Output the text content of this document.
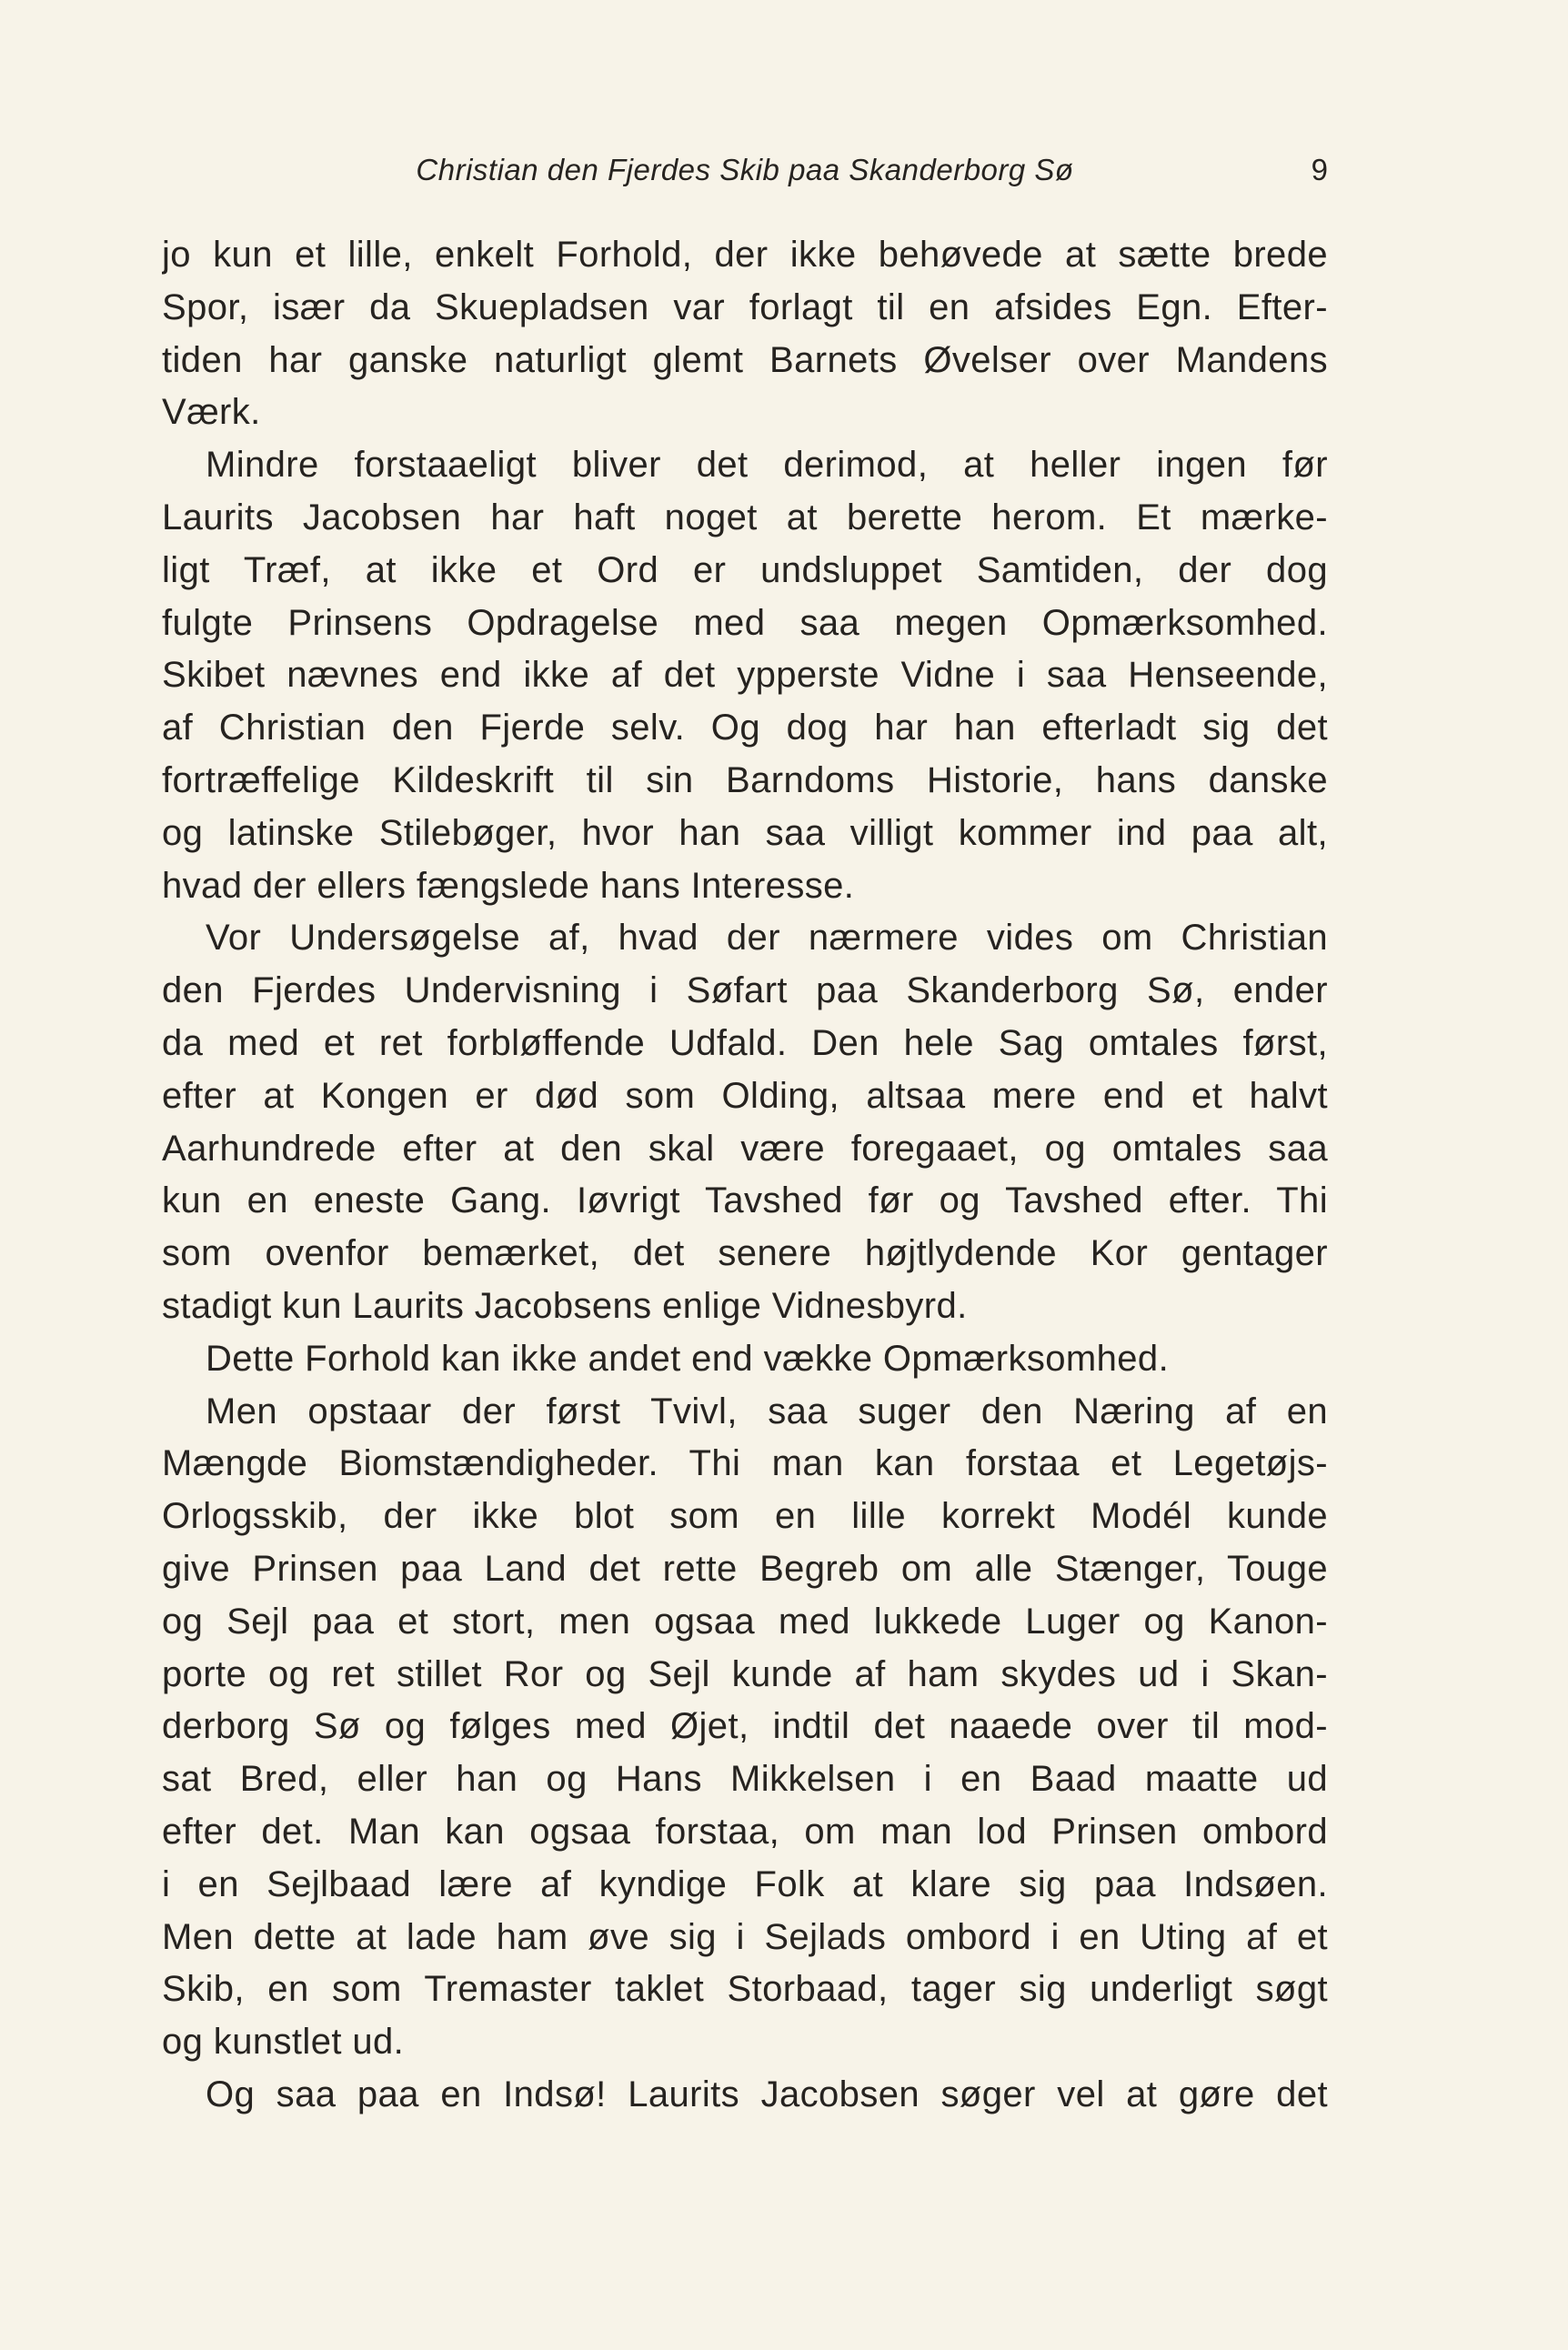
Christian den Fjerdes Skib paa Skanderborg Sø	9
jo kun et lille, enkelt Forhold, der ikke behøvede at sætte brede
Spor, især da Skuepladsen var forlagt til en afsides Egn. Efter-
tiden har ganske naturligt glemt Barnets Øvelser over Mandens
Værk.
Mindre forstaaeligt bliver det derimod, at heller ingen før
Laurits Jacobsen har haft noget at berette herom. Et mærke-
ligt Træf, at ikke et Ord er undsluppet Samtiden, der dog
fulgte Prinsens Opdragelse med saa megen Opmærksomhed.
Skibet nævnes end ikke af det ypperste Vidne i saa Henseende,
af Christian den Fjerde selv. Og dog har han efterladt sig det
fortræffelige Kildeskrift til sin Barndoms Historie, hans danske
og latinske Stilebøger, hvor han saa villigt kommer ind paa alt,
hvad der ellers fængslede hans Interesse.
Vor Undersøgelse af, hvad der nærmere vides om Christian
den Fjerdes Undervisning i Søfart paa Skanderborg Sø, ender
da med et ret forbløffende Udfald. Den hele Sag omtales først,
efter at Kongen er død som Olding, altsaa mere end et halvt
Aarhundrede efter at den skal være foregaaet, og omtales saa
kun en eneste Gang. Iøvrigt Tavshed før og Tavshed efter. Thi
som ovenfor bemærket, det senere højtlydende Kor gentager
stadigt kun Laurits Jacobsens enlige Vidnesbyrd.
Dette Forhold kan ikke andet end vække Opmærksomhed.
Men opstaar der først Tvivl, saa suger den Næring af en
Mængde Biomstændigheder. Thi man kan forstaa et Legetøjs-
Orlogsskib, der ikke blot som en lille korrekt Modél kunde
give Prinsen paa Land det rette Begreb om alle Stænger, Touge
og Sejl paa et stort, men ogsaa med lukkede Luger og Kanon-
porte og ret stillet Ror og Sejl kunde af ham skydes ud i Skan-
derborg Sø og følges med Øjet, indtil det naaede over til mod-
sat Bred, eller han og Hans Mikkelsen i en Baad maatte ud
efter det. Man kan ogsaa forstaa, om man lod Prinsen ombord
i en Sejlbaad lære af kyndige Folk at klare sig paa Indsøen.
Men dette at lade ham øve sig i Sejlads ombord i en Uting af et
Skib, en som Tremaster taklet Storbaad, tager sig underligt søgt
og kunstlet ud.
Og saa paa en Indsø! Laurits Jacobsen søger vel at gøre det
